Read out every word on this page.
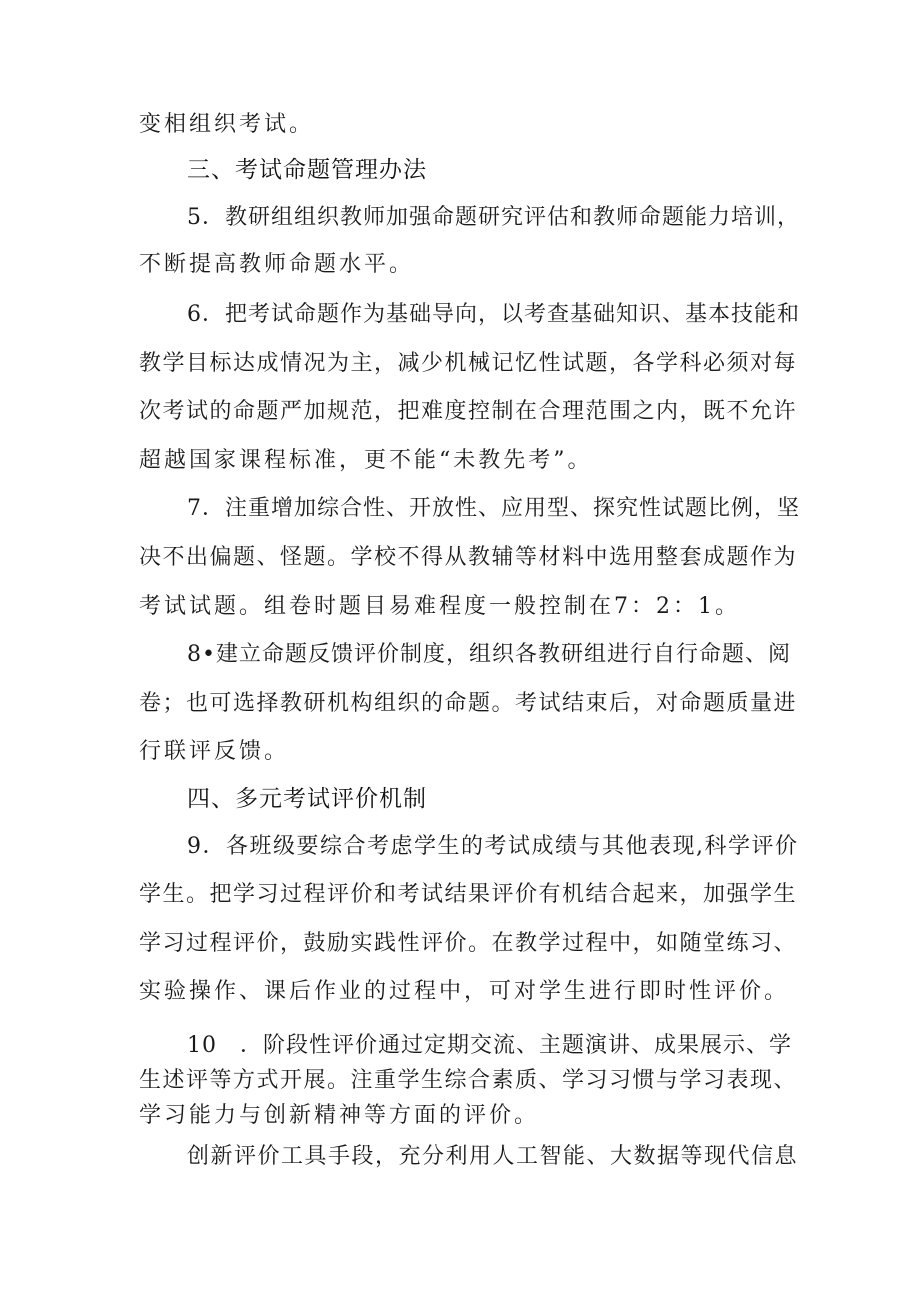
变相组织考试。
三、考试命题管理办法
5．教研组组织教师加强命题研究评估和教师命题能力培训，
不断提高教师命题水平。
6．把考试命题作为基础导向，以考查基础知识、基本技能和
教学目标达成情况为主，减少机械记忆性试题，各学科必须对每
次考试的命题严加规范，把难度控制在合理范围之内，既不允许
超越国家课程标准，更不能“未教先考”。
7．注重增加综合性、开放性、应用型、探究性试题比例，坚
决不出偏题、怪题。学校不得从教辅等材料中选用整套成题作为
考试试题。组卷时题目易难程度一般控制在7：2：1。
8•建立命题反馈评价制度，组织各教研组进行自行命题、阅
卷；也可选择教研机构组织的命题。考试结束后，对命题质量进
行联评反馈。
四、多元考试评价机制
9．各班级要综合考虑学生的考试成绩与其他表现,科学评价
学生。把学习过程评价和考试结果评价有机结合起来，加强学生
学习过程评价，鼓励实践性评价。在教学过程中，如随堂练习、
实验操作、课后作业的过程中，可对学生进行即时性评价。
10　．阶段性评价通过定期交流、主题演讲、成果展示、学
生述评等方式开展。注重学生综合素质、学习习惯与学习表现、
学习能力与创新精神等方面的评价。
创新评价工具手段，充分利用人工智能、大数据等现代信息
